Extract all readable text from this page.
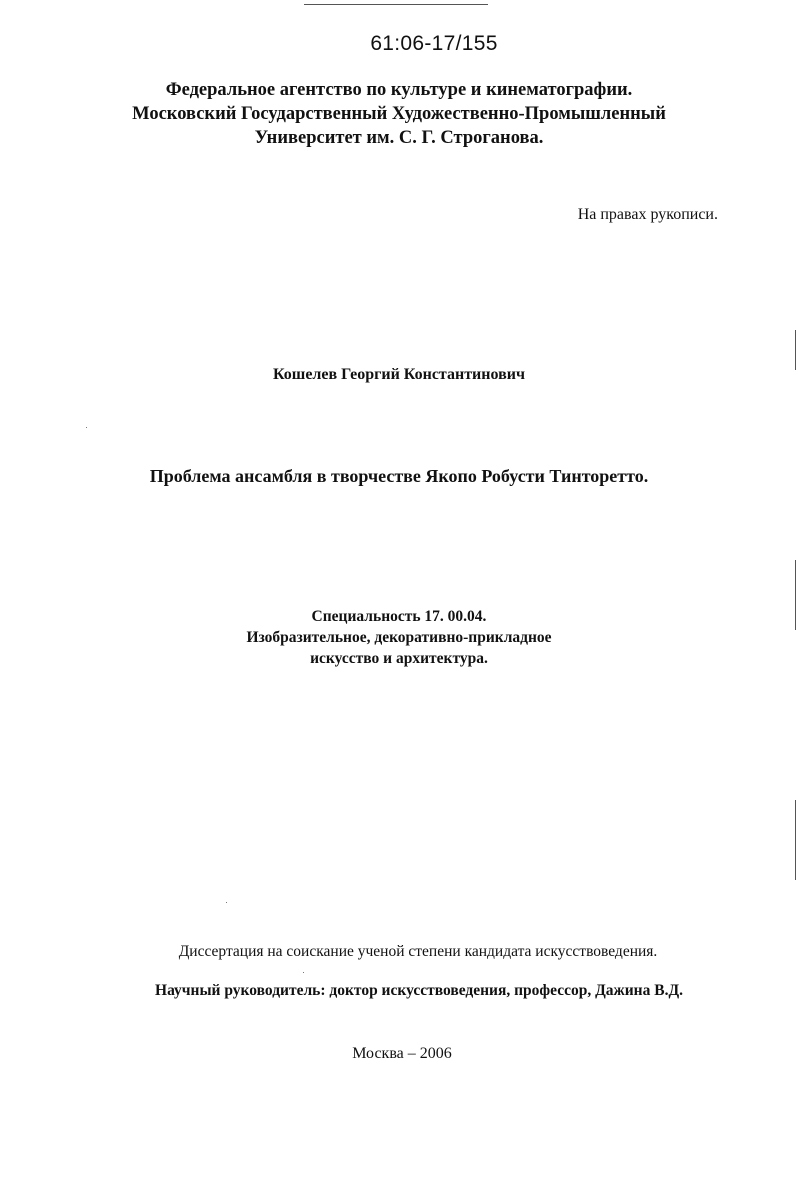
61:06-17/155
Федеральное агентство по культуре и кинематографии.
Московский Государственный Художественно-Промышленный
Университет им. С. Г. Строганова.
На правах рукописи.
Кошелев Георгий Константинович
Проблема ансамбля в творчестве Якопо Робусти Тинторетто.
Специальность 17. 00.04.
Изобразительное, декоративно-прикладное
искусство и архитектура.
Диссертация на соискание ученой степени кандидата искусствоведения.
Научный руководитель: доктор искусствоведения, профессор, Дажина В.Д.
Москва – 2006
